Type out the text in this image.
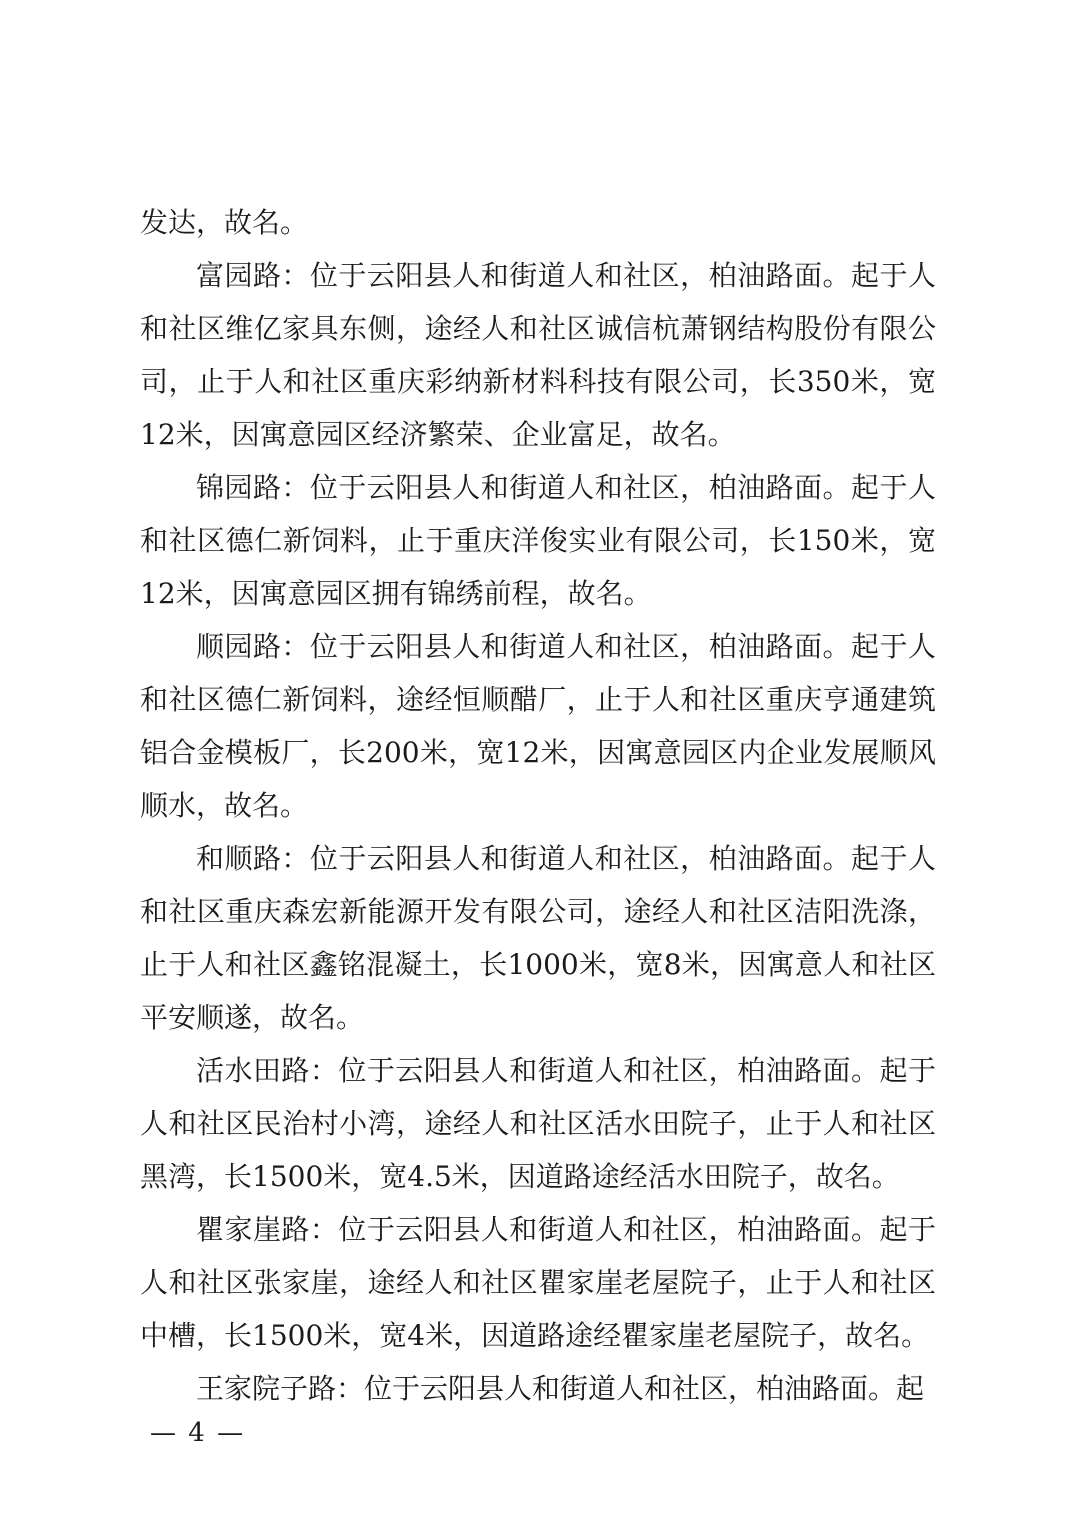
发达，故名。

富园路：位于云阳县人和街道人和社区，柏油路面。起于人和社区维亿家具东侧，途经人和社区诚信杭萧钢结构股份有限公司，止于人和社区重庆彩纳新材料科技有限公司，长350米，宽12米，因寓意园区经济繁荣、企业富足，故名。

锦园路：位于云阳县人和街道人和社区，柏油路面。起于人和社区德仁新饲料，止于重庆洋俊实业有限公司，长150米，宽12米，因寓意园区拥有锦绣前程，故名。

顺园路：位于云阳县人和街道人和社区，柏油路面。起于人和社区德仁新饲料，途经恒顺醋厂，止于人和社区重庆亨通建筑铝合金模板厂，长200米，宽12米，因寓意园区内企业发展顺风顺水，故名。

和顺路：位于云阳县人和街道人和社区，柏油路面。起于人和社区重庆森宏新能源开发有限公司，途经人和社区洁阳洗涤，止于人和社区鑫铭混凝土，长1000米，宽8米，因寓意人和社区平安顺遂，故名。

活水田路：位于云阳县人和街道人和社区，柏油路面。起于人和社区民治村小湾，途经人和社区活水田院子，止于人和社区黑湾，长1500米，宽4.5米，因道路途经活水田院子，故名。

瞿家崖路：位于云阳县人和街道人和社区，柏油路面。起于人和社区张家崖，途经人和社区瞿家崖老屋院子，止于人和社区中槽，长1500米，宽4米，因道路途经瞿家崖老屋院子，故名。

王家院子路：位于云阳县人和街道人和社区，柏油路面。起

— 4 —
